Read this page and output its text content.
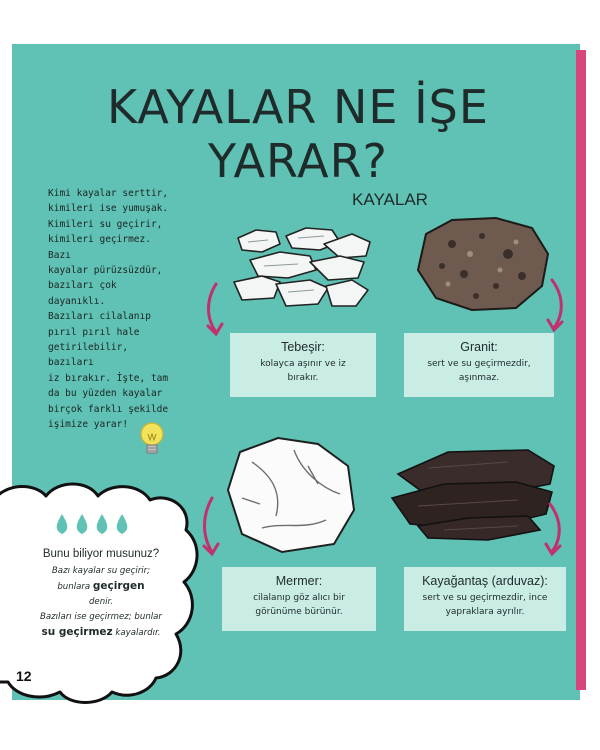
KAYALAR NE İŞE YARAR?
Kimi kayalar serttir,
kimileri ise yumuşak.
Kimileri su geçirir,
kimileri geçirmez. Bazı
kayalar pürüzsüzdür,
bazıları çok dayanıklı.
Bazıları cilalanıp
pırıl pırıl hale
getirilebilir, bazıları
iz bırakır. İşte, tam
da bu yüzden kayalar
birçok farklı şekilde
işimize yarar!
KAYALAR
Tebeşir:
kolayca aşınır ve iz
bırakır.
Granit:
sert ve su geçirmezdir,
aşınmaz.
Mermer:
cilalanıp göz alıcı bir
görünüme bürünür.
Kayağantaş (arduvaz):
sert ve su geçirmezdir, ince
yapraklara ayrılır.
Bunu biliyor musunuz?
Bazı kayalar su geçirir;
bunlara geçirgen
denir.
Bazıları ise geçirmez; bunlar
su geçirmez kayalardır.
12
